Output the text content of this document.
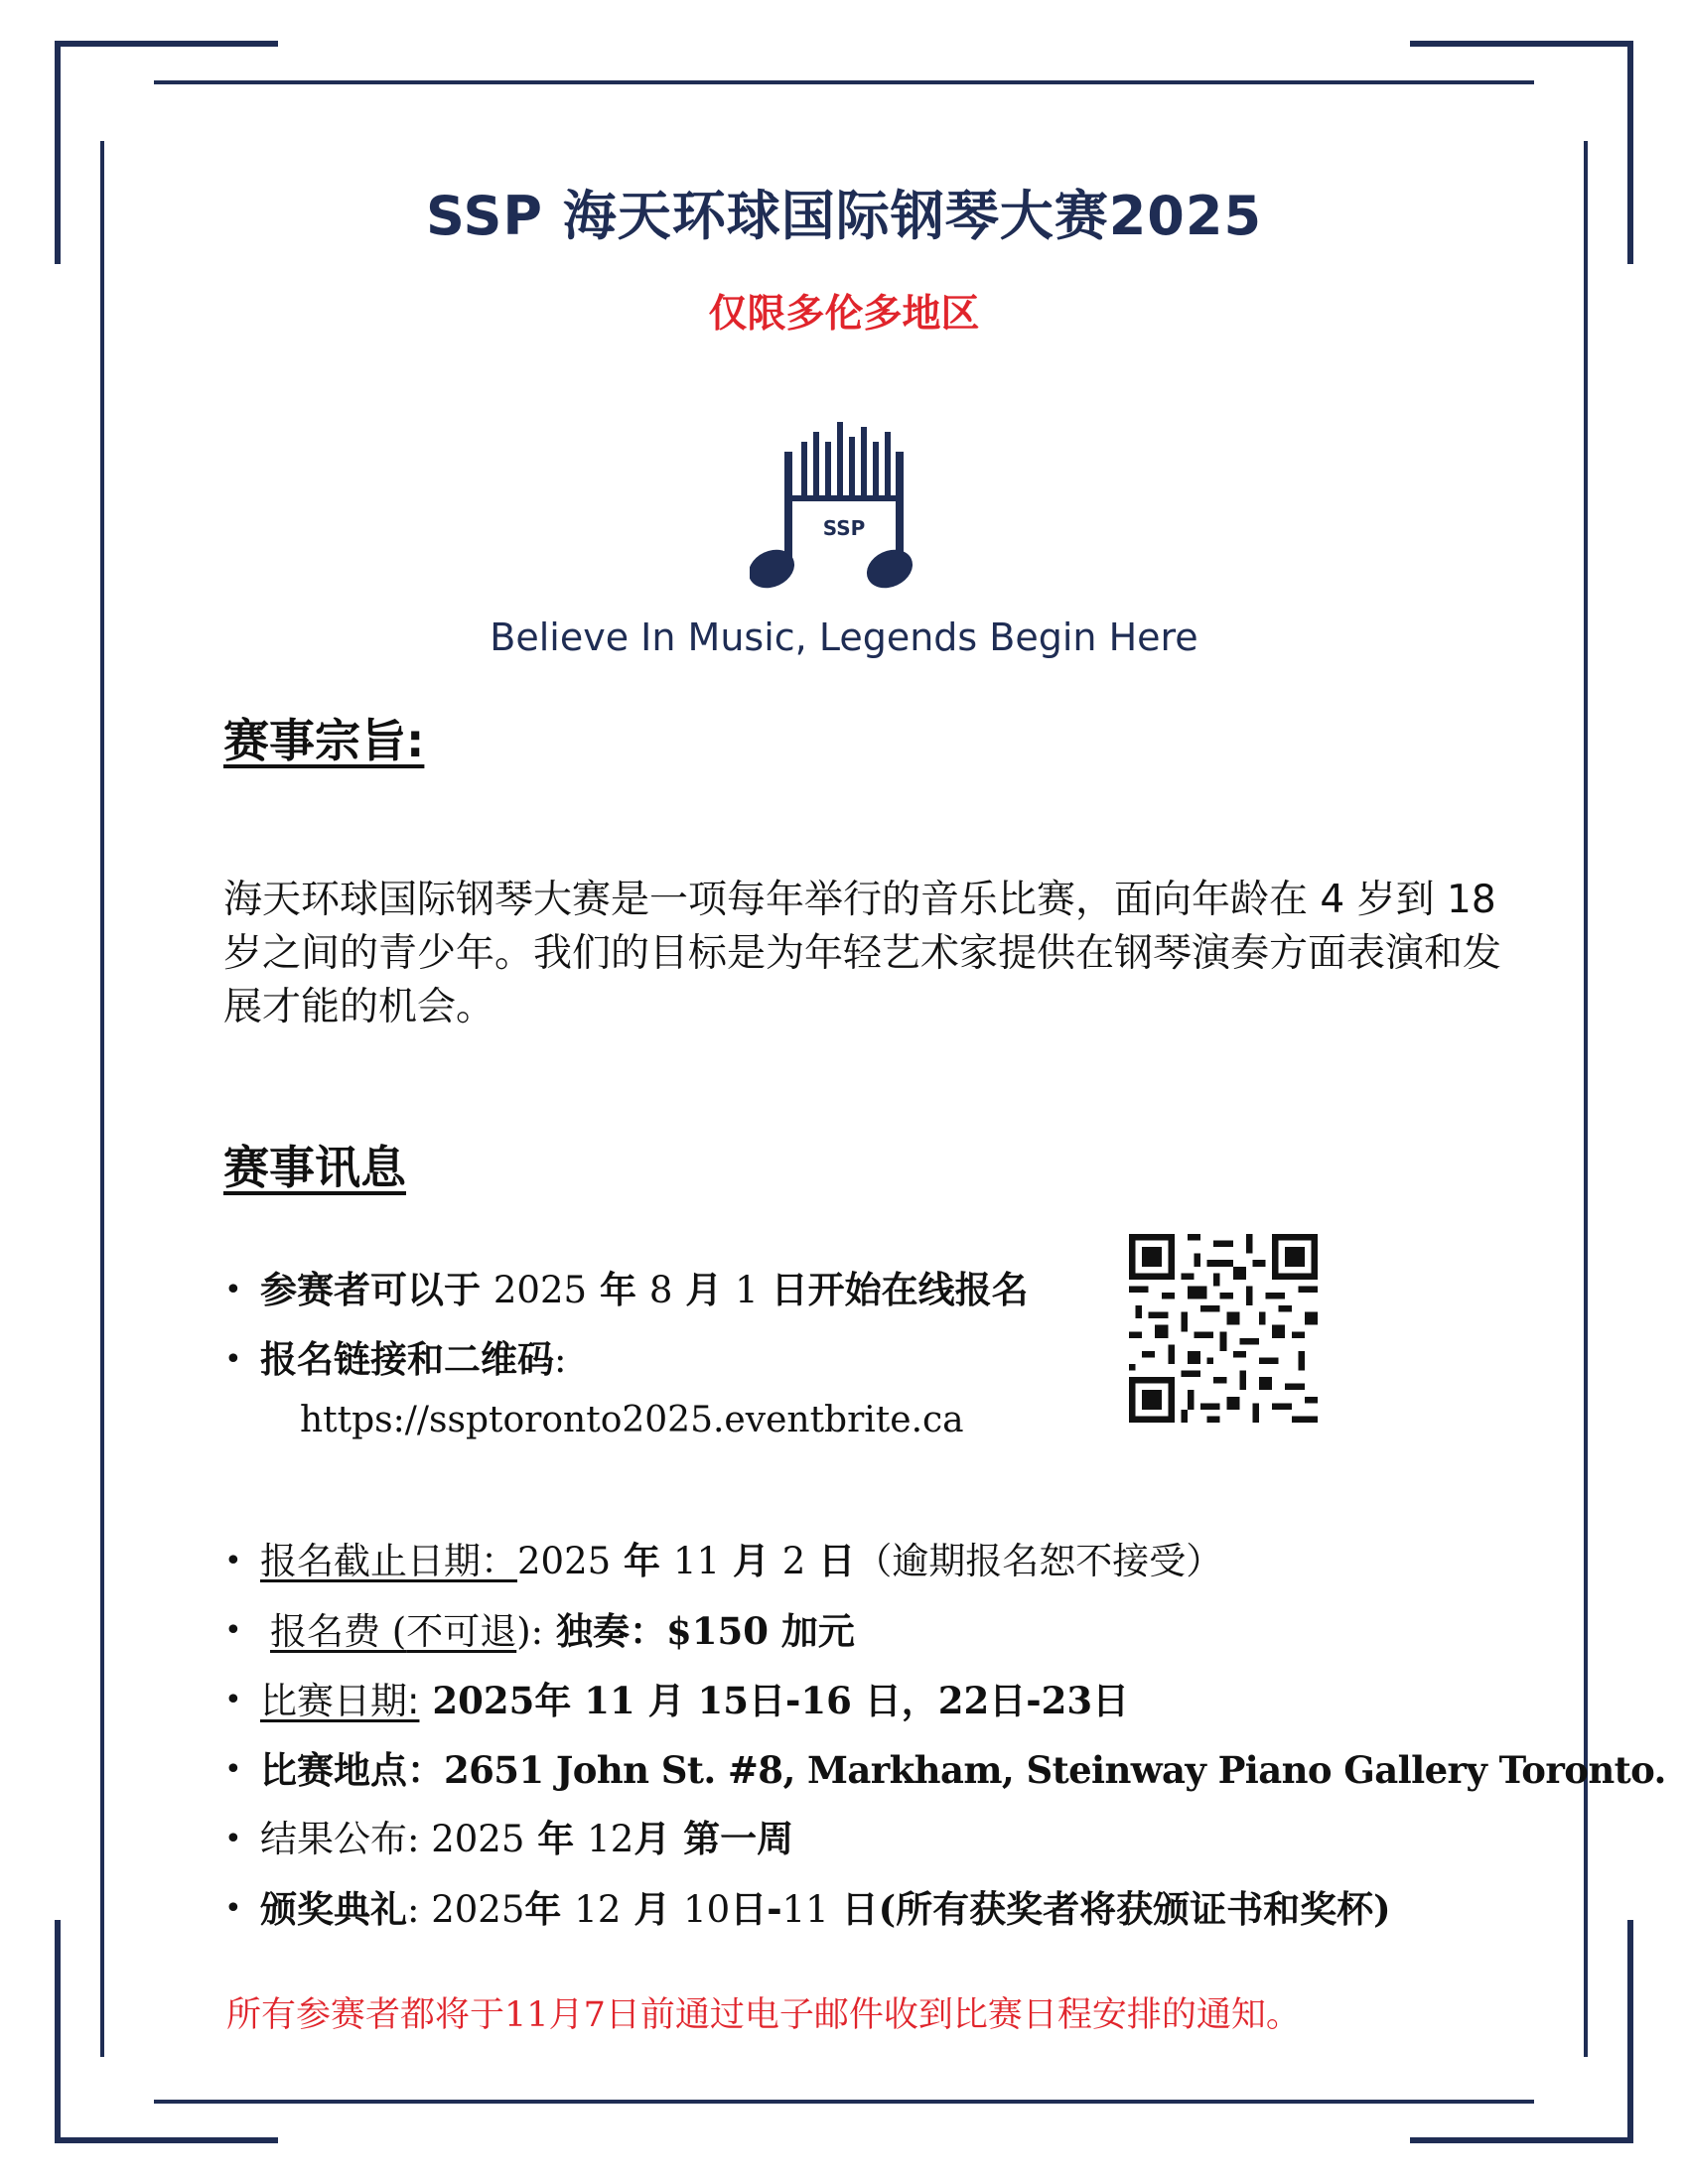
SSP 海天环球国际钢琴大赛2025
仅限多伦多地区
SSP
Believe In Music, Legends Begin Here
赛事宗旨:
海天环球国际钢琴大赛是一项每年举行的音乐比赛，面向年龄在 4 岁到 18 岁之间的青少年。我们的目标是为年轻艺术家提供在钢琴演奏方面表演和发展才能的机会。
赛事讯息
• 参赛者可以于 2025 年 8 月 1 日开始在线报名
• 报名链接和二维码:
https://ssptoronto2025.eventbrite.ca
• 报名截止日期：2025 年 11 月 2 日（逾期报名恕不接受）
• 报名费 (不可退): 独奏：$150 加元
• 比赛日期: 2025年 11 月 15日-16 日，22日-23日
• 比赛地点：2651 John St. #8, Markham, Steinway Piano Gallery Toronto.
• 结果公布: 2025 年 12月 第一周
• 颁奖典礼: 2025年 12 月 10日-11 日(所有获奖者将获颁证书和奖杯)
所有参赛者都将于11月7日前通过电子邮件收到比赛日程安排的通知。
